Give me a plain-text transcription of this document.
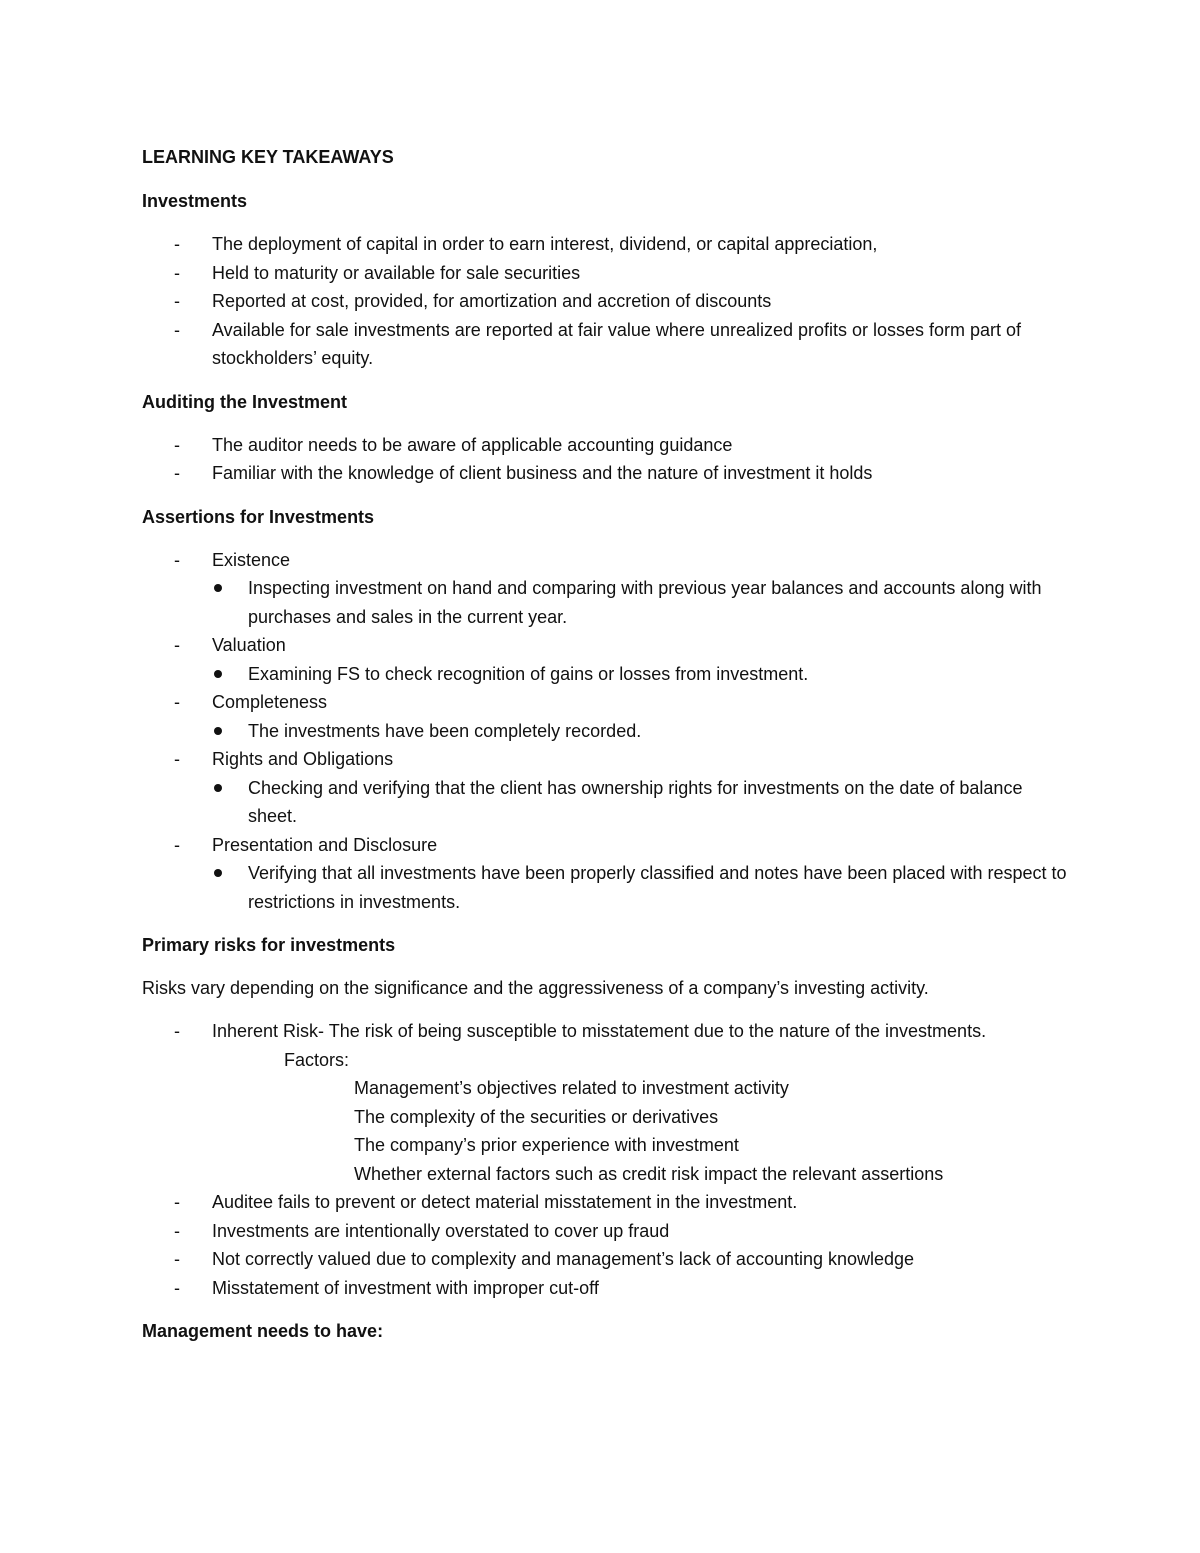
LEARNING KEY TAKEAWAYS

Investments

- The deployment of capital in order to earn interest, dividend, or capital appreciation,
- Held to maturity or available for sale securities
- Reported at cost, provided, for amortization and accretion of discounts
- Available for sale investments are reported at fair value where unrealized profits or losses form part of stockholders’ equity.

Auditing the Investment

- The auditor needs to be aware of applicable accounting guidance
- Familiar with the knowledge of client business and the nature of investment it holds

Assertions for Investments

- Existence
Inspecting investment on hand and comparing with previous year balances and accounts along with purchases and sales in the current year.
- Valuation
Examining FS to check recognition of gains or losses from investment.
- Completeness
The investments have been completely recorded.
- Rights and Obligations
Checking and verifying that the client has ownership rights for investments on the date of balance sheet.
- Presentation and Disclosure
Verifying that all investments have been properly classified and notes have been placed with respect to restrictions in investments.

Primary risks for investments

Risks vary depending on the significance and the aggressiveness of a company’s investing activity.

- Inherent Risk- The risk of being susceptible to misstatement due to the nature of the investments.
Factors:
Management’s objectives related to investment activity
The complexity of the securities or derivatives
The company’s prior experience with investment
Whether external factors such as credit risk impact the relevant assertions
- Auditee fails to prevent or detect material misstatement in the investment.
- Investments are intentionally overstated to cover up fraud
- Not correctly valued due to complexity and management’s lack of accounting knowledge
- Misstatement of investment with improper cut-off

Management needs to have:
